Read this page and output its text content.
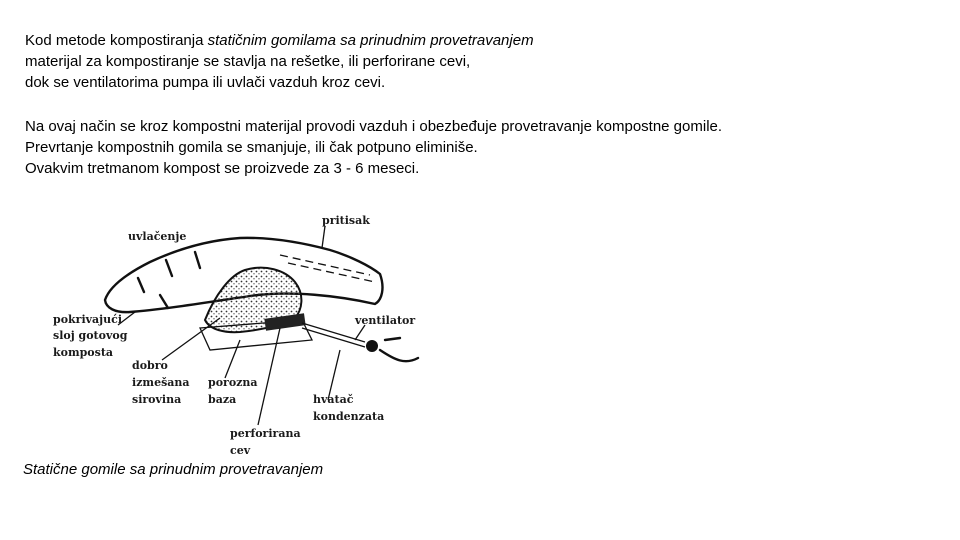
Kod metode kompostiranja statičnim gomilama sa prinudnim provetravanjem
materijal za kompostiranje se stavlja na rešetke, ili perforirane cevi,
dok se ventilatorima pumpa ili uvlači vazduh kroz cevi.
Na ovaj način se kroz kompostni materijal provodi vazduh i obezbeđuje provetravanje kompostne gomile.
Prevrtanje kompostnih gomila se smanjuje, ili čak potpuno eliminiše.
Ovakvim tretmanom kompost se proizvede za 3 - 6 meseci.
uvlačenje
pritisak
pokrivajući
sloj gotovog
komposta
ventilator
dobro
izmešana
sirovina
porozna
baza	hvatač
kondenzata
perforirana
cev
Statične gomile sa prinudnim provetravanjem
